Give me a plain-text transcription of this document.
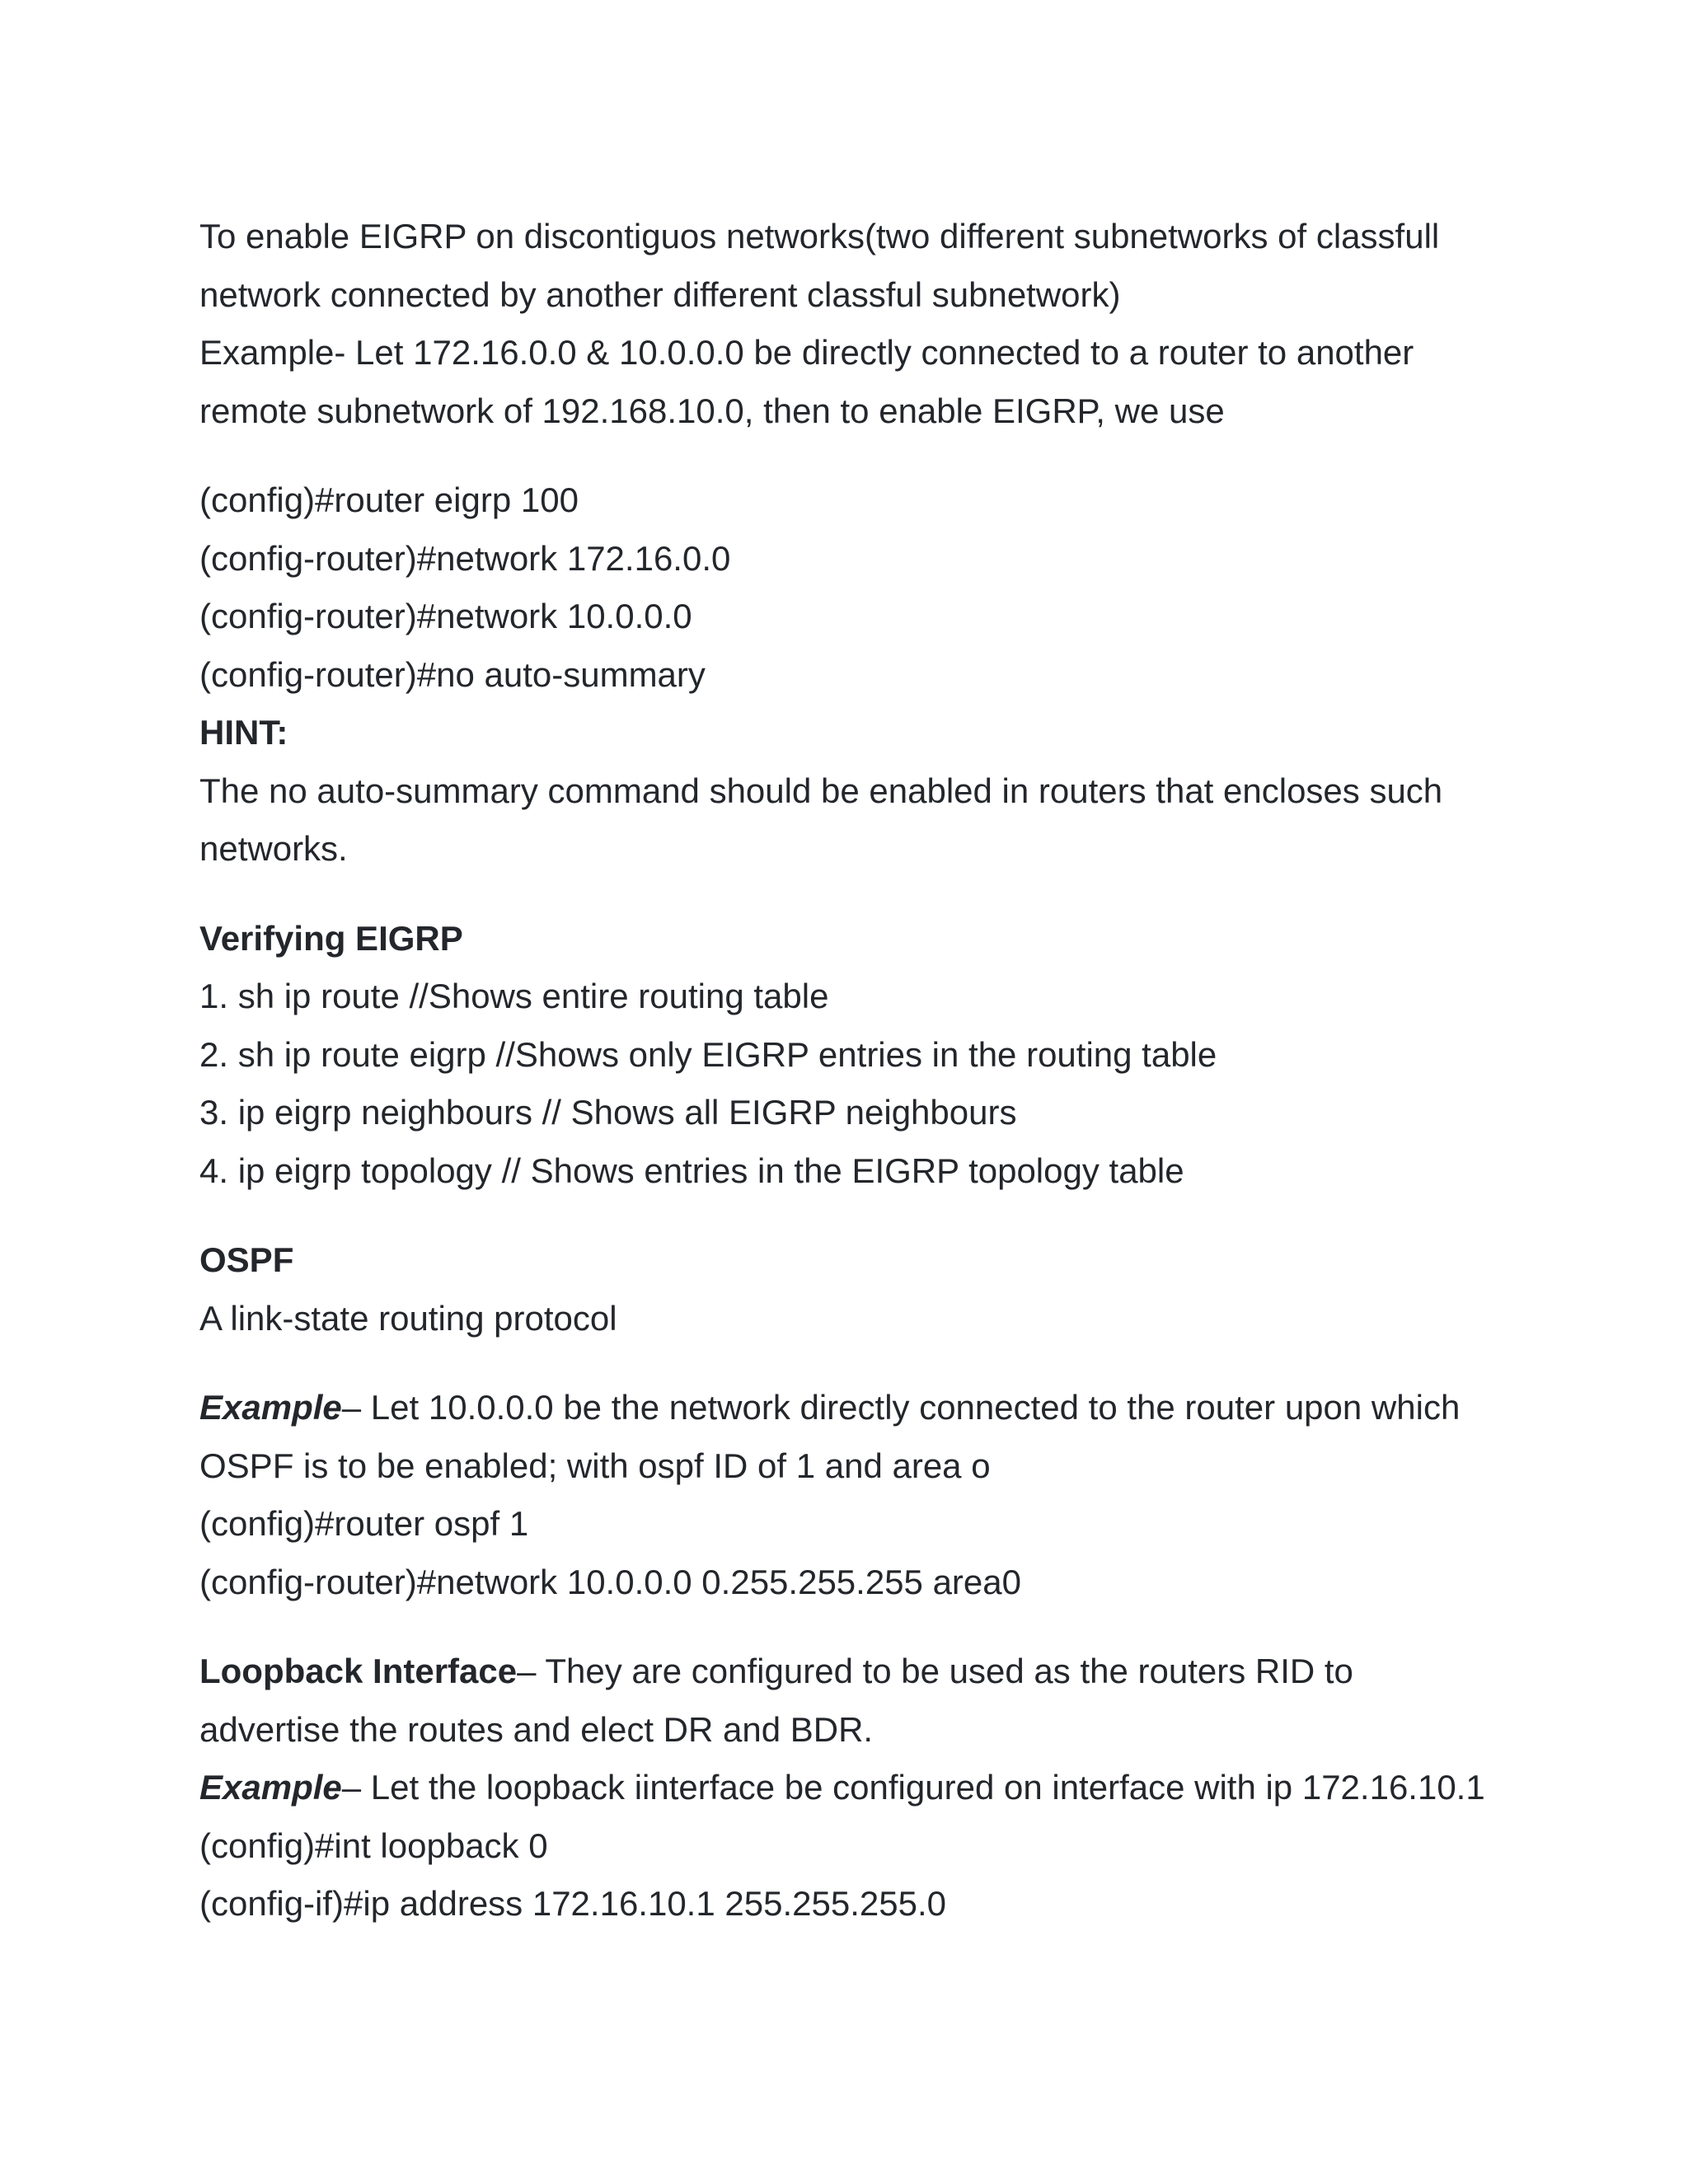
To enable EIGRP on discontiguos networks(two different subnetworks of classfull
network connected by another different classful subnetwork)
Example- Let 172.16.0.0 & 10.0.0.0 be directly connected to a router to another
remote subnetwork of 192.168.10.0, then to enable EIGRP, we use
(config)#router eigrp 100
(config-router)#network 172.16.0.0
(config-router)#network 10.0.0.0
(config-router)#no auto-summary
HINT:
The no auto-summary command should be enabled in routers that encloses such
networks.
Verifying EIGRP
1. sh ip route //Shows entire routing table
2. sh ip route eigrp //Shows only EIGRP entries in the routing table
3. ip eigrp neighbours // Shows all EIGRP neighbours
4. ip eigrp topology // Shows entries in the EIGRP topology table
OSPF
A link-state routing protocol
Example– Let 10.0.0.0 be the network directly connected to the router upon which
OSPF is to be enabled; with ospf ID of 1 and area o
(config)#router ospf 1
(config-router)#network 10.0.0.0 0.255.255.255 area0
Loopback Interface– They are configured to be used as the routers RID to
advertise the routes and elect DR and BDR.
Example– Let the loopback iinterface be configured on interface with ip 172.16.10.1
(config)#int loopback 0
(config-if)#ip address 172.16.10.1 255.255.255.0
